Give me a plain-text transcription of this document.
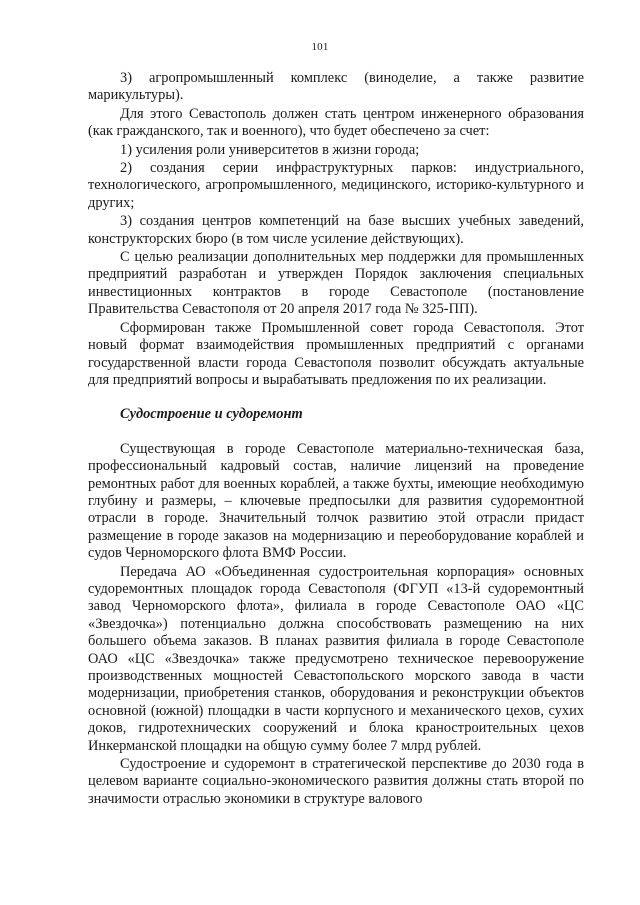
101

3) агропромышленный комплекс (виноделие, а также развитие марикультуры).

Для этого Севастополь должен стать центром инженерного образования (как гражданского, так и военного), что будет обеспечено за счет:

1) усиления роли университетов в жизни города;

2) создания серии инфраструктурных парков: индустриального, технологического, агропромышленного, медицинского, историко-культурного и других;

3) создания центров компетенций на базе высших учебных заведений, конструкторских бюро (в том числе усиление действующих).

С целью реализации дополнительных мер поддержки для промышленных предприятий разработан и утвержден Порядок заключения специальных инвестиционных контрактов в городе Севастополе (постановление Правительства Севастополя от 20 апреля 2017 года № 325-ПП).

Сформирован также Промышленной совет города Севастополя. Этот новый формат взаимодействия промышленных предприятий с органами государственной власти города Севастополя позволит обсуждать актуальные для предприятий вопросы и вырабатывать предложения по их реализации.

Судостроение и судоремонт

Существующая в городе Севастополе материально-техническая база, профессиональный кадровый состав, наличие лицензий на проведение ремонтных работ для военных кораблей, а также бухты, имеющие необходимую глубину и размеры, – ключевые предпосылки для развития судоремонтной отрасли в городе. Значительный толчок развитию этой отрасли придаст размещение в городе заказов на модернизацию и переоборудование кораблей и судов Черноморского флота ВМФ России.

Передача АО «Объединенная судостроительная корпорация» основных судоремонтных площадок города Севастополя (ФГУП «13-й судоремонтный завод Черноморского флота», филиала в городе Севастополе ОАО «ЦС «Звездочка») потенциально должна способствовать размещению на них большего объема заказов. В планах развития филиала в городе Севастополе ОАО «ЦС «Звездочка» также предусмотрено техническое перевооружение производственных мощностей Севастопольского морского завода в части модернизации, приобретения станков, оборудования и реконструкции объектов основной (южной) площадки в части корпусного и механического цехов, сухих доков, гидротехнических сооружений и блока краностроительных цехов Инкерманской площадки на общую сумму более 7 млрд рублей.

Судостроение и судоремонт в стратегической перспективе до 2030 года в целевом варианте социально-экономического развития должны стать второй по значимости отраслью экономики в структуре валового
